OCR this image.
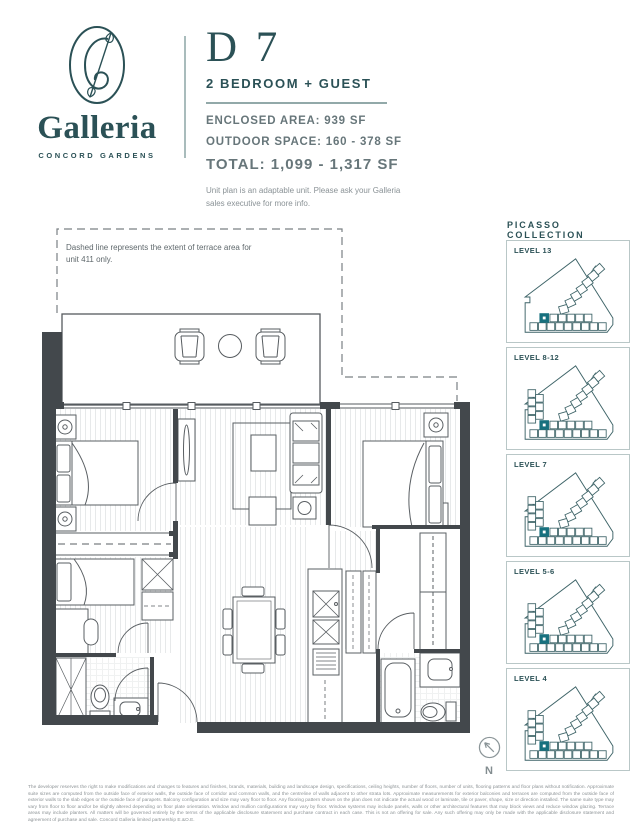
Galleria
CONCORD GARDENS
D 7
2 BEDROOM + GUEST
ENCLOSED AREA: 939 SF
OUTDOOR SPACE: 160 - 378 SF
TOTAL: 1,099 - 1,317 SF
Unit plan is an adaptable unit. Please ask your Galleria sales executive for more info.
Dashed line represents the extent of terrace area for
unit 411 only.
PICASSO COLLECTION
LEVEL 13
LEVEL 8-12
LEVEL 7
LEVEL 5-6
LEVEL 4
N
The developer reserves the right to make modifications and changes to features and finishes, brands, materials, building and landscape design, specifications, ceiling heights, number of floors, number of units, flooring patterns and floor plans without notification. Approximate suite sizes are computed from the outside face of exterior walls, the outside face of corridor and common walls, and the centreline of walls adjacent to other strata lots. Approximate measurements for exterior balconies and terraces are computed from the outside face of exterior walls to the slab edges or the outside face of parapets. Balcony configuration and size may vary floor to floor. Any flooring pattern shown on the plan does not indicate the actual wood or laminate, tile or paver, shape, size or direction installed. The same suite type may vary from floor to floor and/or be slightly altered depending on floor plate orientation. Window and mullion configurations may vary by floor. Window systems may include panels, walls or other architectural features that may block views and reduce window glazing. Terrace areas may include planters. All matters will be governed entirely by the terms of the applicable disclosure statement and purchase contract in each case. This is not an offering for sale. Any such offering may only be made with the applicable disclosure statement and agreement of purchase and sale. Concord Galleria limited partnership E.&O.E.
